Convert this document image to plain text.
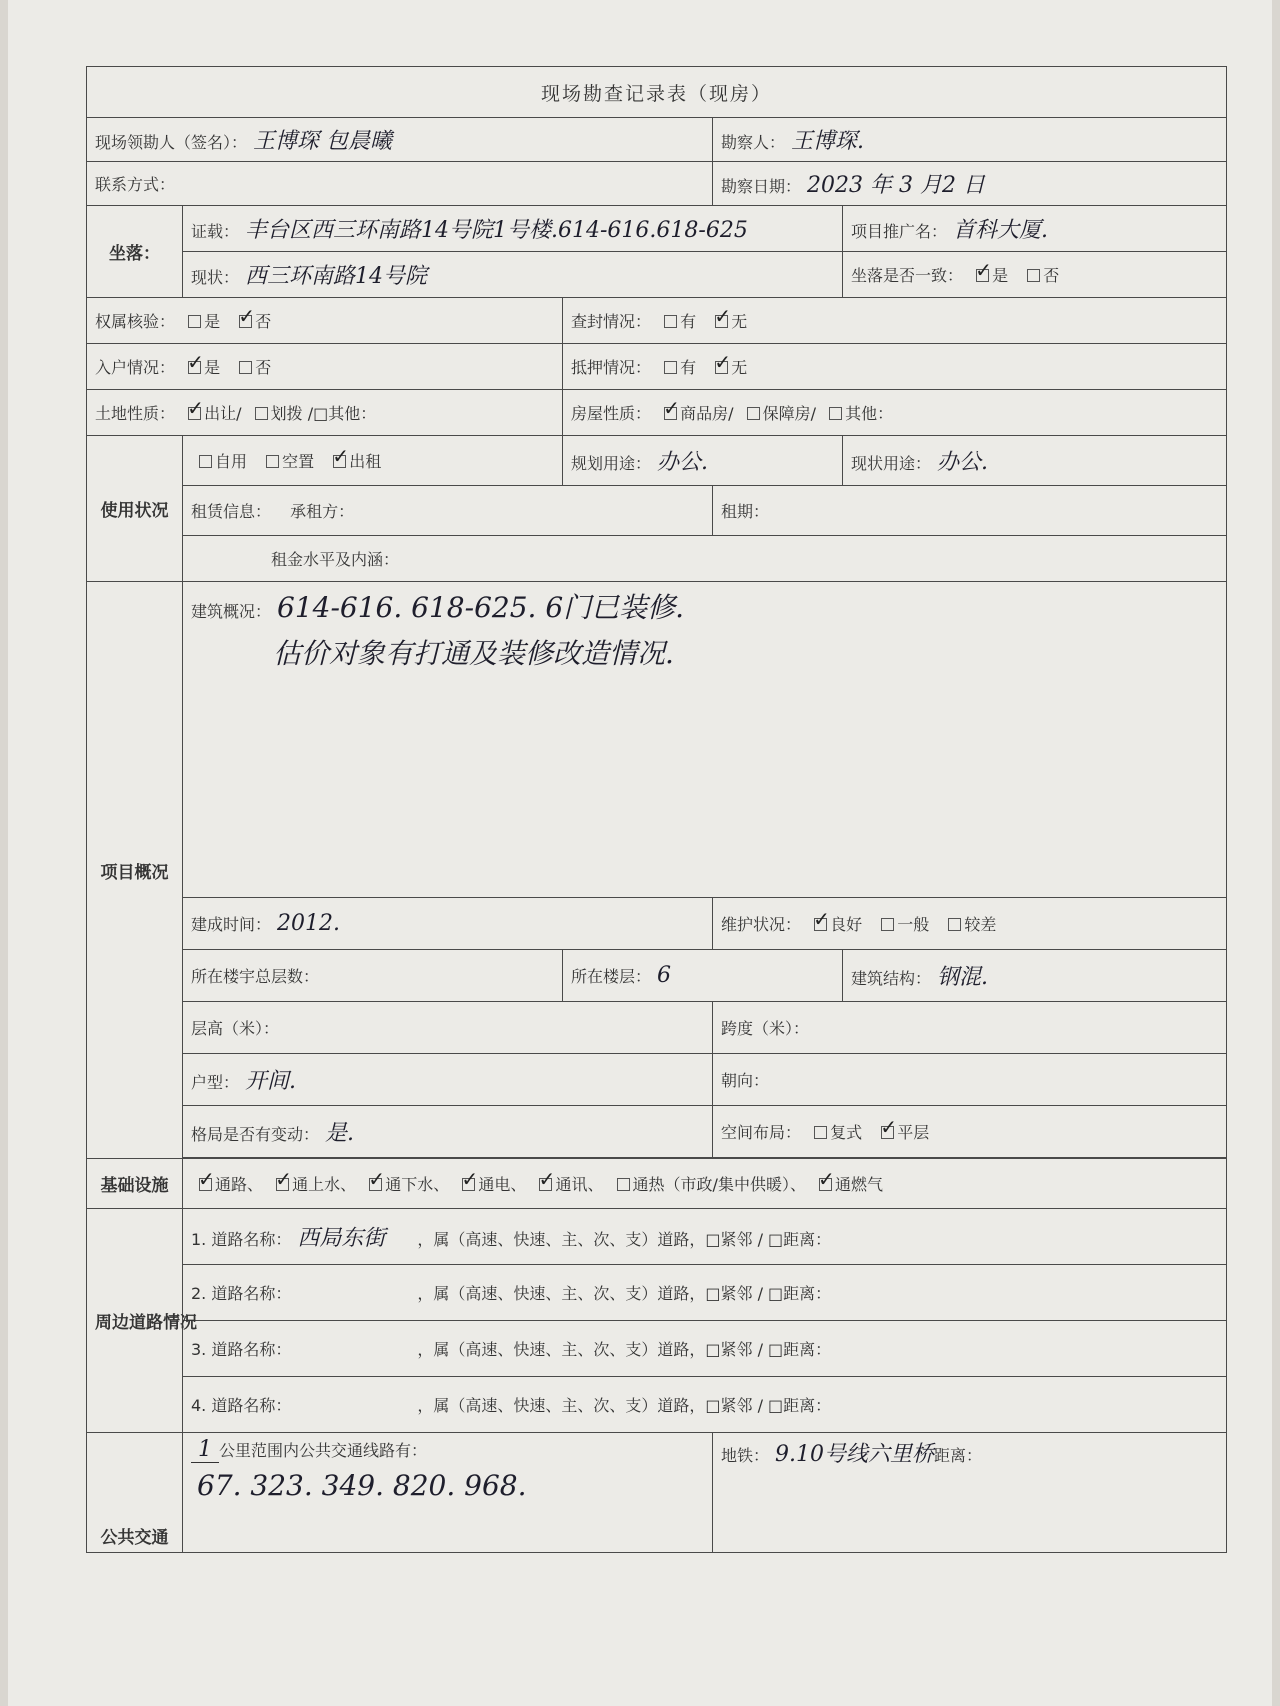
现场勘查记录表（现房）				
现场领勘人（签名）： 王博琛 包晨曦			勘察人： 王博琛.	
联系方式：			勘察日期： 2023 年 3 月2 日	
坐落：	证载： 丰台区西三环南路14号院1号楼.614-616.618-625			项目推广名： 首科大厦.
	现状： 西三环南路14号院			坐落是否一致： ✓ 是 否
权属核验： 是 ✓ 否		查封情况： 有 ✓ 无
入户情况： ✓ 是 否		抵押情况： 有 ✓ 无
土地性质： ✓ 出让/ 划拨 /□其他：		房屋性质： ✓ 商品房/ 保障房/ 其他：
使用状况	自用 空置 ✓ 出租	规划用途： 办公.		现状用途： 办公.
	租赁信息： 承租方：		租期：	
	租金水平及内涵：			
项目概况	建筑概况： 614-616. 618-625. 6门已装修.
估价对象有打通及装修改造情况.			

	建成时间： 2012.		维护状况： ✓ 良好 一般 较差
	所在楼宇总层数：	所在楼层： 6		建筑结构： 钢混.
	层高（米）：		跨度（米）：	
	户型： 开间.		朝向：	
	格局是否有变动： 是.		空间布局： 复式 ✓ 平层

基础设施	✓通路、 ✓ 通上水、 ✓ 通下水、 ✓ 通电、 ✓ 通讯、 通热（市政/集中供暖）、 ✓ 通燃气
周边道路情况	1. 道路名称： 西局东街 ，属（高速、快速、主、次、支）道路，□紧邻 / □距离：			
	2. 道路名称： ，属（高速、快速、主、次、支）道路，□紧邻 / □距离：			
	3. 道路名称： ，属（高速、快速、主、次、支）道路，□紧邻 / □距离：			
	4. 道路名称： ，属（高速、快速、主、次、支）道路，□紧邻 / □距离：			
公共交通	1 公里范围内公共交通线路有：
67. 323. 349. 820. 968.		地铁： 9.10号线六里桥距离：	
